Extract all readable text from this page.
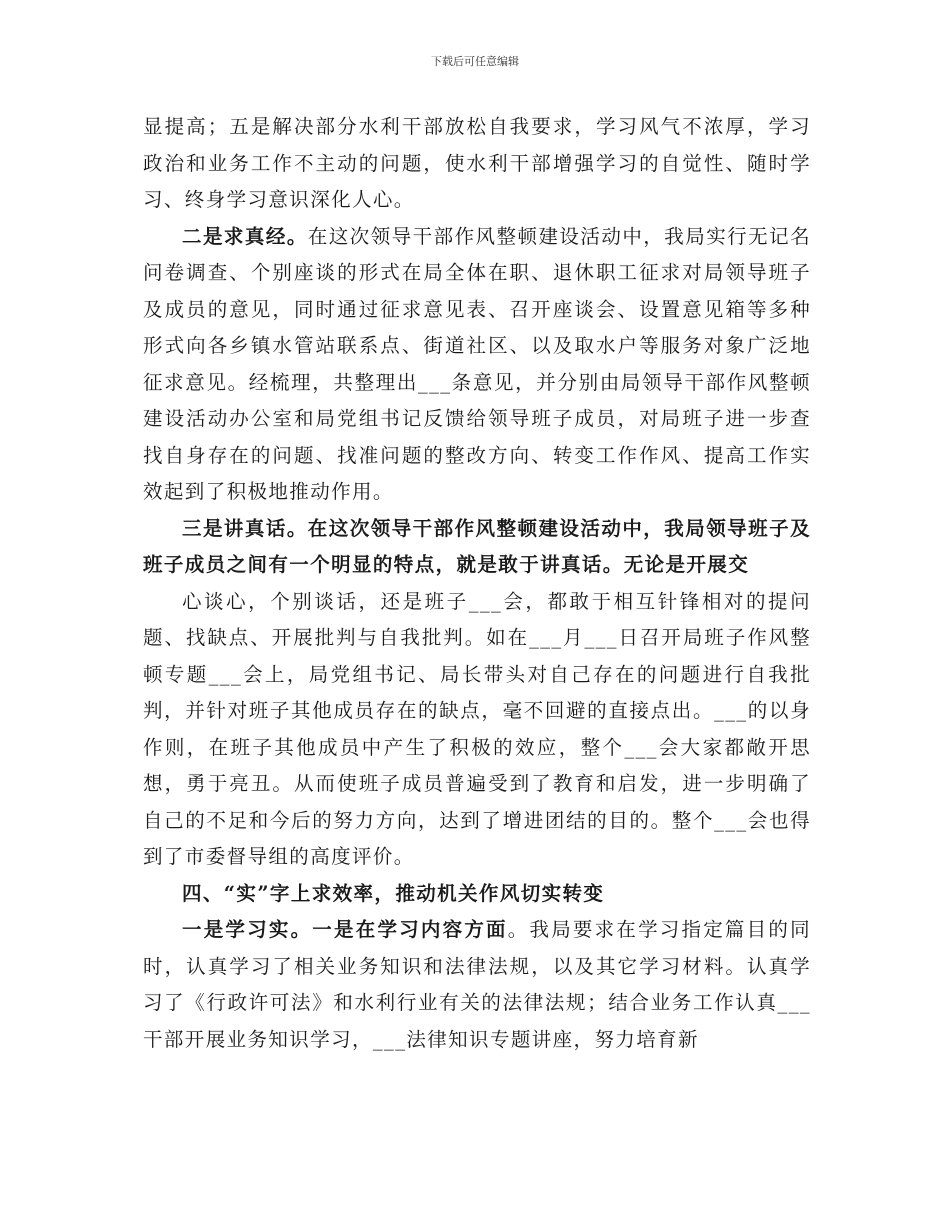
下载后可任意编辑

显提高；五是解决部分水利干部放松自我要求，学习风气不浓厚，学习政治和业务工作不主动的问题，使水利干部增强学习的自觉性、随时学习、终身学习意识深化人心。

二是求真经。在这次领导干部作风整顿建设活动中，我局实行无记名问卷调查、个别座谈的形式在局全体在职、退休职工征求对局领导班子及成员的意见，同时通过征求意见表、召开座谈会、设置意见箱等多种形式向各乡镇水管站联系点、街道社区、以及取水户等服务对象广泛地征求意见。经梳理，共整理出___条意见，并分别由局领导干部作风整顿建设活动办公室和局党组书记反馈给领导班子成员，对局班子进一步查找自身存在的问题、找准问题的整改方向、转变工作作风、提高工作实效起到了积极地推动作用。

三是讲真话。在这次领导干部作风整顿建设活动中，我局领导班子及班子成员之间有一个明显的特点，就是敢于讲真话。无论是开展交

心谈心，个别谈话，还是班子___会，都敢于相互针锋相对的提问题、找缺点、开展批判与自我批判。如在___月___日召开局班子作风整顿专题___会上，局党组书记、局长带头对自己存在的问题进行自我批判，并针对班子其他成员存在的缺点，毫不回避的直接点出。___的以身作则，在班子其他成员中产生了积极的效应，整个___会大家都敞开思想，勇于亮丑。从而使班子成员普遍受到了教育和启发，进一步明确了自己的不足和今后的努力方向，达到了增进团结的目的。整个___会也得到了市委督导组的高度评价。

四、“实”字上求效率，推动机关作风切实转变

一是学习实。一是在学习内容方面。我局要求在学习指定篇目的同时，认真学习了相关业务知识和法律法规，以及其它学习材料。认真学习了《行政许可法》和水利行业有关的法律法规；结合业务工作认真___干部开展业务知识学习，___法律知识专题讲座，努力培育新
